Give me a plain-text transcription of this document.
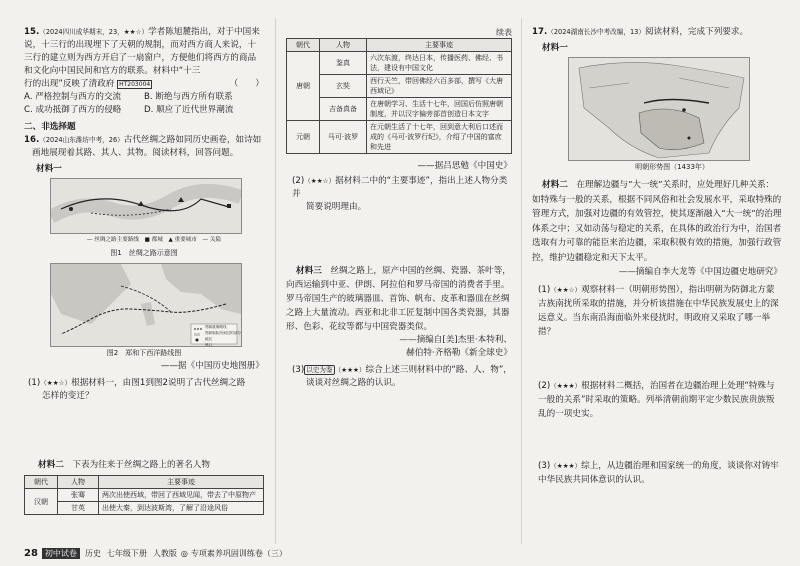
15.（2024四川成华期末，23，★★☆）学者陈旭麓指出，对于中国来

说，十三行的出现埋下了天朝的规制，而对西方商人来说，十

三行的建立则为西方开启了一扇窗户，方便他们将西方的商品

和文化向中国民间和官方的联系。材料中“十三

行的出现”反映了清政府 HT203004	（　　）

A. 严格控制与西方的交流	B. 断绝与西方所有联系
C. 成功抵御了西方的侵略	D. 顺应了近代世界潮流
二、非选择题

16.（2024山东潍坊中考，26）古代丝绸之路如同历史画卷，如诗如

画地展现着其路、其人、其物。阅读材料，回答问题。

材料一
— 丝绸之路主要路线　■ 都城　▲ 重要城市　— 关隘
图1　丝绸之路示意图
郑和航海路线
郑和船队所到过的部分地区
港口
图2　郑和下西洋路线图
——据《中国历史地图册》

(1)（★★☆）根据材料一，由图1到图2说明了古代丝绸之路

怎样的变迁？

材料二　 下表为往来于丝绸之路上的著名人物

朝代	人物	主要事迹
汉朝	张骞	两次出使西域，带回了西域见闻，带去了中原物产
	甘英	出使大秦，到达波斯湾，了解了沿途风俗
续表
朝代	人物	主要事迹
唐朝	鉴真	六次东渡，终达日本，传播医药、佛经、书法，建设有中国文化
	玄奘	西行天竺，带回佛经六百多部，撰写《大唐西域记》
	吉备真备	在唐朝学习、生活十七年，回国后仿照唐朝制度，并以汉字偏旁部首创造日本文字
元朝	马可·波罗	在元朝生活了十七年，回到意大利后口述而成的《马可·波罗行纪》，介绍了中国的富庶和先进
——据吕思勉《中国史》

(2)（★★☆）据材料二中的“主要事迹”，指出上述人物分类并

简要说明理由。

材料三　 丝绸之路上，原产中国的丝绸、瓷器、茶叶等，向西运输到中亚、伊朗、阿拉伯和罗马帝国的消费者手里。罗马帝国生产的玻璃器皿、首饰、帆布、皮革和器皿在丝绸之路上大量流动。西亚和北非工匠复制中国各类瓷器，其器形、色彩、花纹等都与中国瓷器类似。

——摘编自[美]杰里·本特利、
赫伯特·齐格勒《新全球史》

(3) 以史为鉴 （★★★）综合上述三则材料中的“路、人、物”，

谈谈对丝绸之路的认识。

17.（2024湖南长沙中考改编，13）阅读材料，完成下列要求。

材料一
明朝形势图（1433年）

材料二　 在理解边疆与“大一统”关系时，应处理好几种关系：如特殊与一般的关系，根据不同风俗和社会发展水平，采取特殊的管理方式，加强对边疆的有效管控，使其逐渐融入“大一统”的治理体系之中；又如动荡与稳定的关系，在具体的政治行为中，治国者选取有力可靠的能臣来治边疆，采取积极有效的措施，加强行政管控，维护边疆稳定和天下太平。

——摘编自李大龙等《中国边疆史地研究》

(1)（★★☆）观察材料一（明朝形势图），指出明朝为防御北方蒙古族南扰所采取的措施，并分析该措施在中华民族发展史上的深远意义。当东南沿海面临外来侵扰时，明政府又采取了哪一举措？

(2)（★★★）根据材料二概括，治国者在边疆治理上处理“特殊与一般的关系”时采取的策略。列举清朝前期平定少数民族贵族叛乱的一项史实。

(3)（★★★）综上，从边疆治理和国家统一的角度，谈谈你对铸牢中华民族共同体意识的认识。

28 初中试卷	历史 七年级下册 人教版 ◎ 专项素养巩固训练卷（三）
